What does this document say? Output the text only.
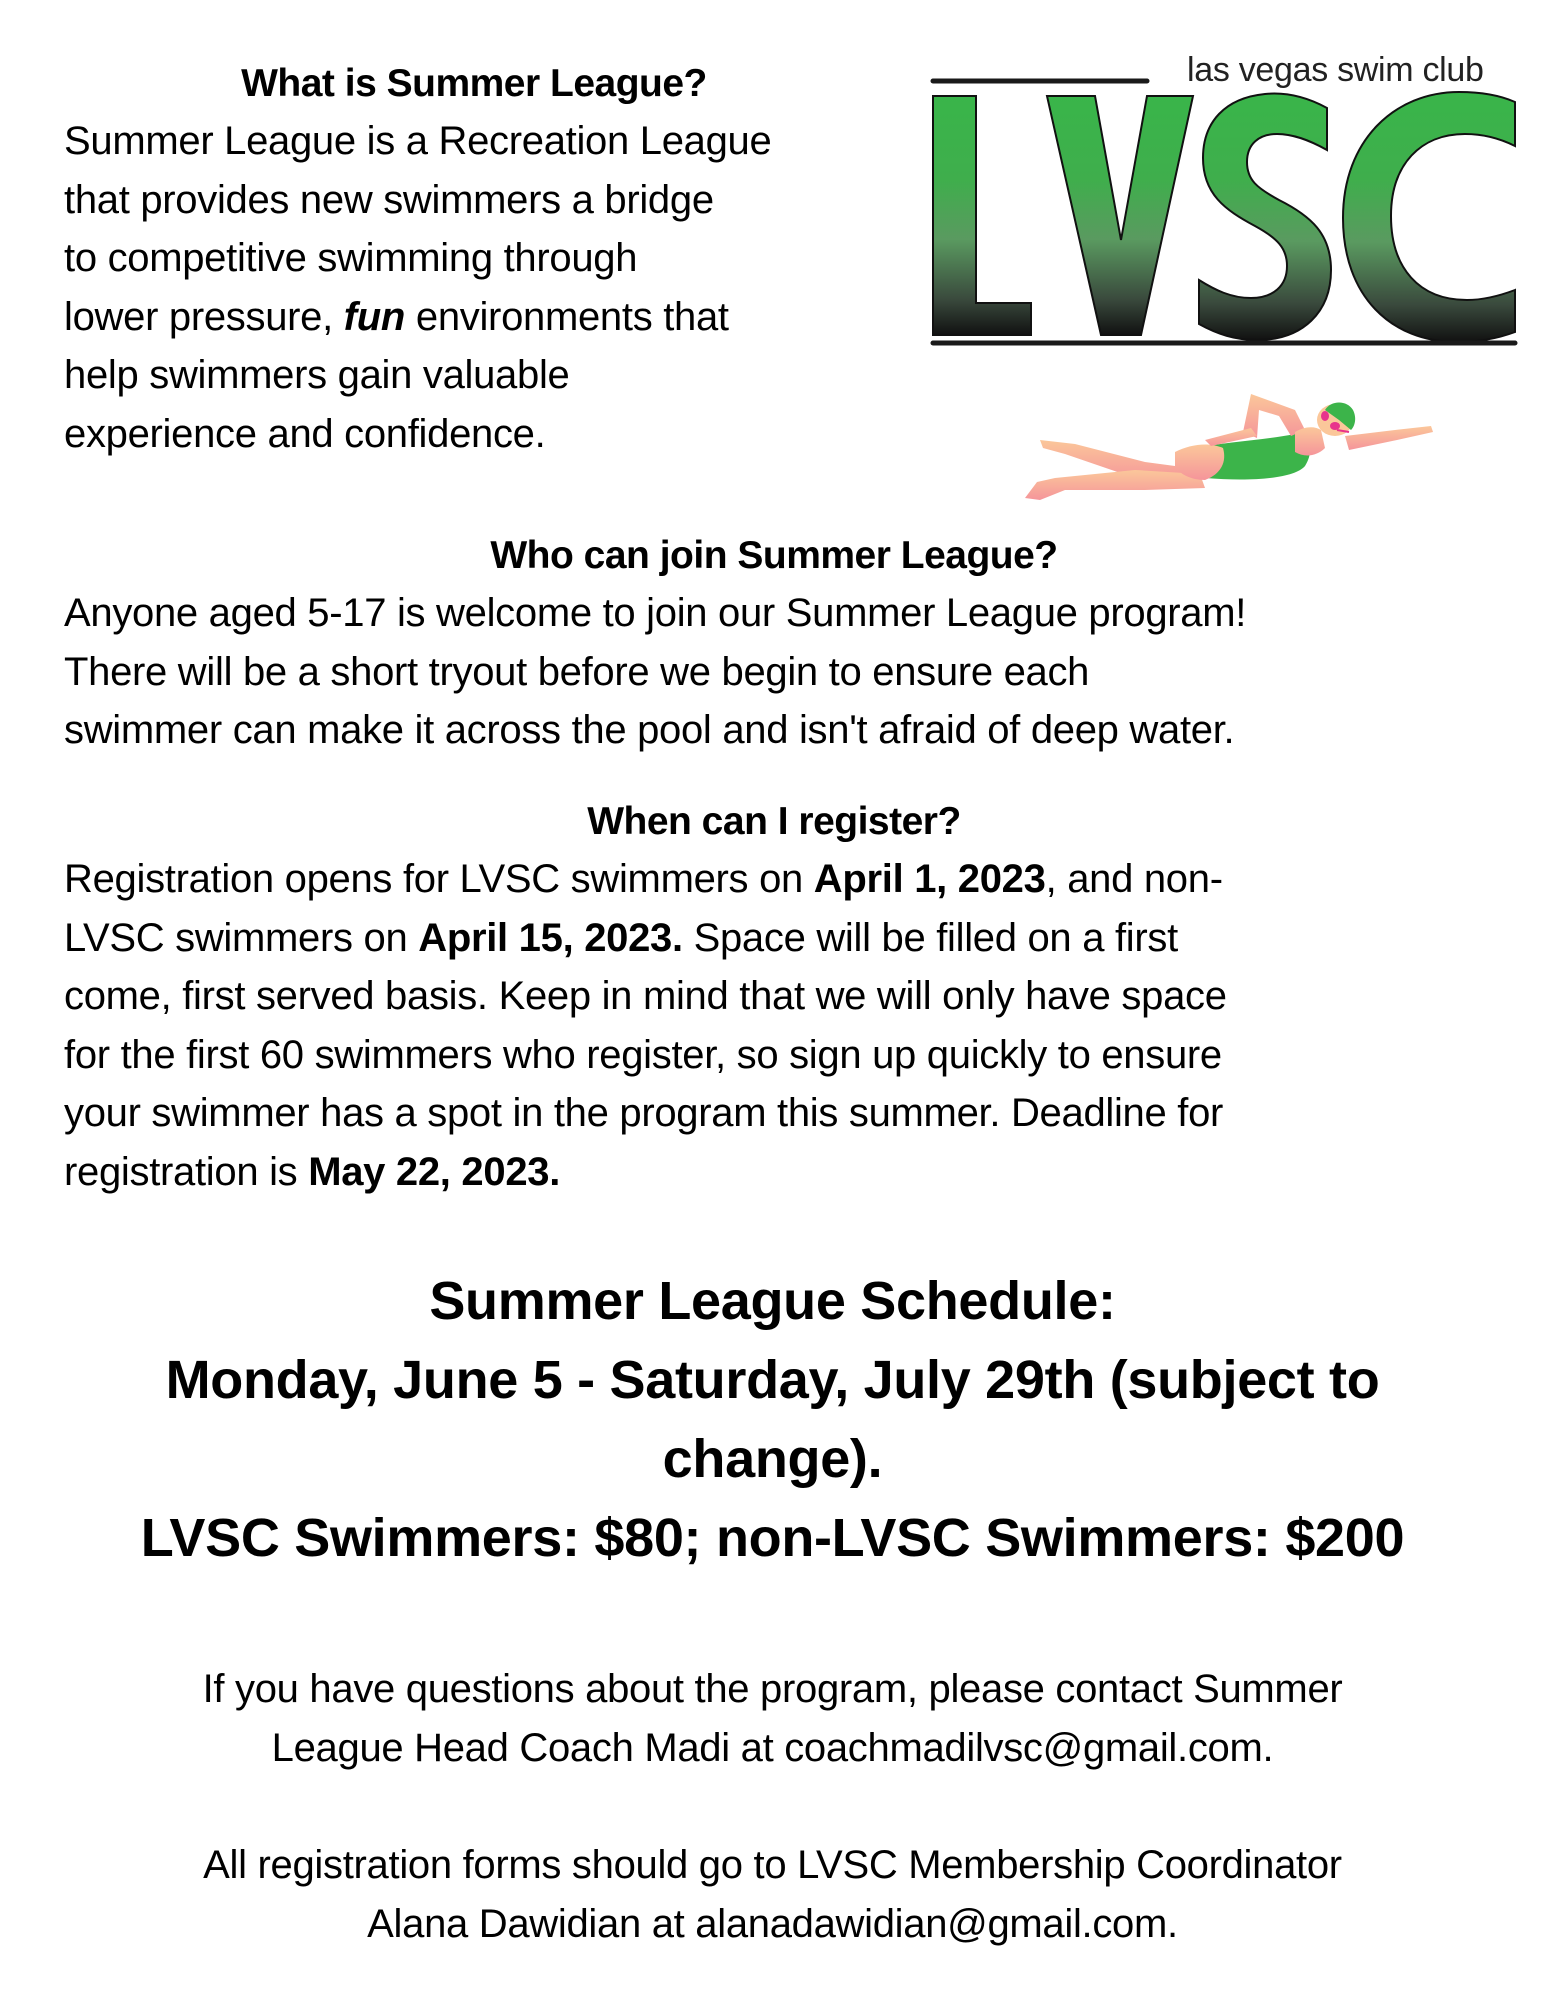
What is Summer League?
Summer League is a Recreation League
that provides new swimmers a bridge
to competitive swimming through
lower pressure, fun environments that
help swimmers gain valuable
experience and confidence.
las vegas swim club
Who can join Summer League?
Anyone aged 5-17 is welcome to join our Summer League program!
There will be a short tryout before we begin to ensure each
swimmer can make it across the pool and isn't afraid of deep water.
When can I register?
Registration opens for LVSC swimmers on April 1, 2023, and non-
LVSC swimmers on April 15, 2023. Space will be filled on a first
come, first served basis. Keep in mind that we will only have space
for the first 60 swimmers who register, so sign up quickly to ensure
your swimmer has a spot in the program this summer. Deadline for
registration is May 22, 2023.
Summer League Schedule:
Monday, June 5 - Saturday, July 29th (subject to
change).
LVSC Swimmers: $80; non-LVSC Swimmers: $200
If you have questions about the program, please contact Summer
League Head Coach Madi at coachmadilvsc@gmail.com.
All registration forms should go to LVSC Membership Coordinator
Alana Dawidian at alanadawidian@gmail.com.
